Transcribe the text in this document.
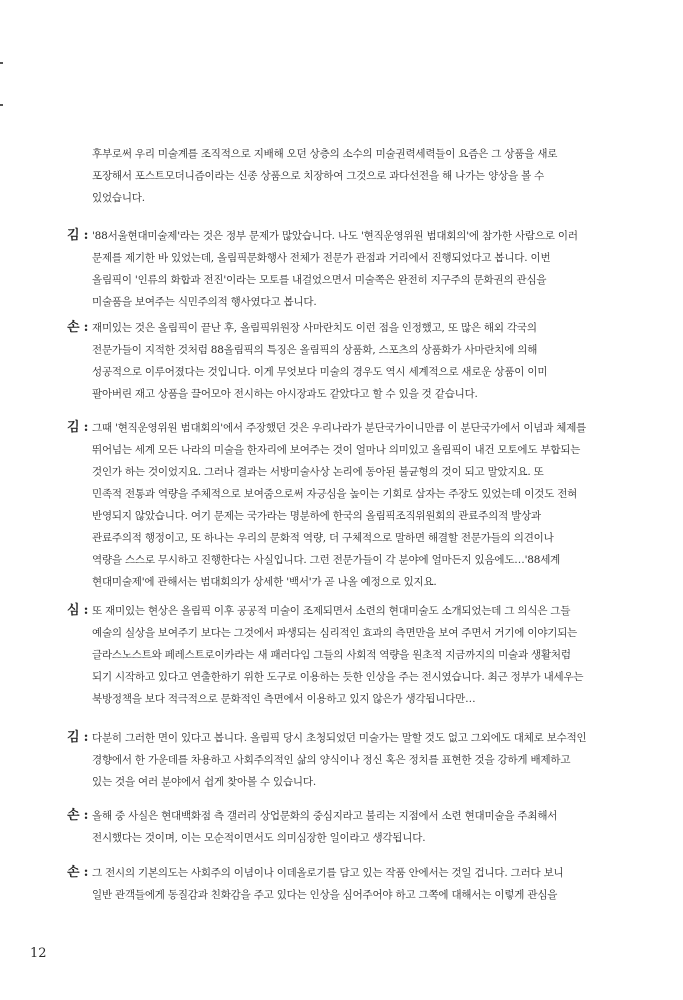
후부로써 우리 미술계를 조직적으로 지배해 오던 상층의 소수의 미술권력세력들이 요즘은 그 상품을 새로
포장해서 포스트모더니즘이라는 신종 상품으로 치장하여 그것으로 과다선전을 해 나가는 양상을 볼 수
있었습니다.
김 : '88서울현대미술제'라는 것은 정부 문제가 많았습니다. 나도 '현직운영위원 범대회의'에 참가한 사람으로 이러
문제를 제기한 바 있었는데, 올림픽문화행사 전체가 전문가 관점과 거리에서 진행되었다고 봅니다. 이번
올림픽이 '인류의 화합과 전진'이라는 모토를 내걸었으면서 미술쪽은 완전히 지구주의 문화권의 관심을
미술품을 보여주는 식민주의적 행사였다고 봅니다.
손 : 재미있는 것은 올림픽이 끝난 후, 올림픽위원장 사마란치도 이런 점을 인정했고, 또 많은 해외 각국의
전문가들이 지적한 것처럼 88올림픽의 특징은 올림픽의 상품화, 스포츠의 상품화가 사마란치에 의해
성공적으로 이루어졌다는 것입니다. 이게 무엇보다 미술의 경우도 역시 세계적으로 새로운 상품이 이미
팔아버린 재고 상품을 끌어모아 전시하는 아시장과도 같았다고 할 수 있을 것 같습니다.
김 : 그때 '현직운영위원 범대회의'에서 주장했던 것은 우리나라가 분단국가이니만큼 이 분단국가에서 이념과 체제를
뛰어넘는 세계 모든 나라의 미술을 한자리에 보여주는 것이 얼마나 의미있고 올림픽이 내건 모토에도 부합되는
것인가 하는 것이었지요. 그러나 결과는 서방미술사상 논리에 동아된 불균형의 것이 되고 말았지요. 또
민족적 전통과 역량을 주체적으로 보여줌으로써 자긍심을 높이는 기회로 삼자는 주장도 있었는데 이것도 전혀
반영되지 않았습니다. 여기 문제는 국가라는 명분하에 한국의 올림픽조직위원회의 관료주의적 발상과
관료주의적 행정이고, 또 하나는 우리의 문화적 역량, 더 구체적으로 말하면 해결할 전문가들의 의견이나
역량을 스스로 무시하고 진행한다는 사실입니다. 그런 전문가들이 각 분야에 얼마든지 있음에도…'88세계
현대미술제'에 관해서는 범대회의가 상세한 '백서'가 곧 나올 예정으로 있지요.
심 : 또 재미있는 현상은 올림픽 이후 공공적 미술이 조제되면서 소련의 현대미술도 소개되었는데 그 의식은 그들
예술의 실상을 보여주기 보다는 그것에서 파생되는 심리적인 효과의 측면만을 보여 주면서 거기에 이야기되는
글라스노스트와 페레스트로이카라는 새 패러다임 그들의 사회적 역량을 원초적 지금까지의 미술과 생활처럼
되기 시작하고 있다고 연출한하기 위한 도구로 이용하는 듯한 인상을 주는 전시였습니다. 최근 정부가 내세우는
북방정책을 보다 적극적으로 문화적인 측면에서 이용하고 있지 않은가 생각됩니다만…
김 : 다분히 그러한 면이 있다고 봅니다. 올림픽 당시 초청되었던 미술가는 말할 것도 없고 그외에도 대체로 보수적인
경향에서 한 가운데를 차용하고 사회주의적인 삶의 양식이나 정신 혹은 정치를 표현한 것을 강하게 배제하고
있는 것을 여러 분야에서 쉽게 찾아볼 수 있습니다.
손 : 올해 중 사실은 현대백화점 측 갤러리 상업문화의 중심지라고 불리는 지점에서 소련 현대미술을 주최해서
전시했다는 것이며, 이는 모순적이면서도 의미심장한 일이라고 생각됩니다.
손 : 그 전시의 기본의도는 사회주의 이념이나 이데올로기를 담고 있는 작품 안에서는 것일 겁니다. 그러다 보니
일반 관객들에게 동질감과 친화감을 주고 있다는 인상을 심어주어야 하고 그쪽에 대해서는 이렇게 관심을
12
